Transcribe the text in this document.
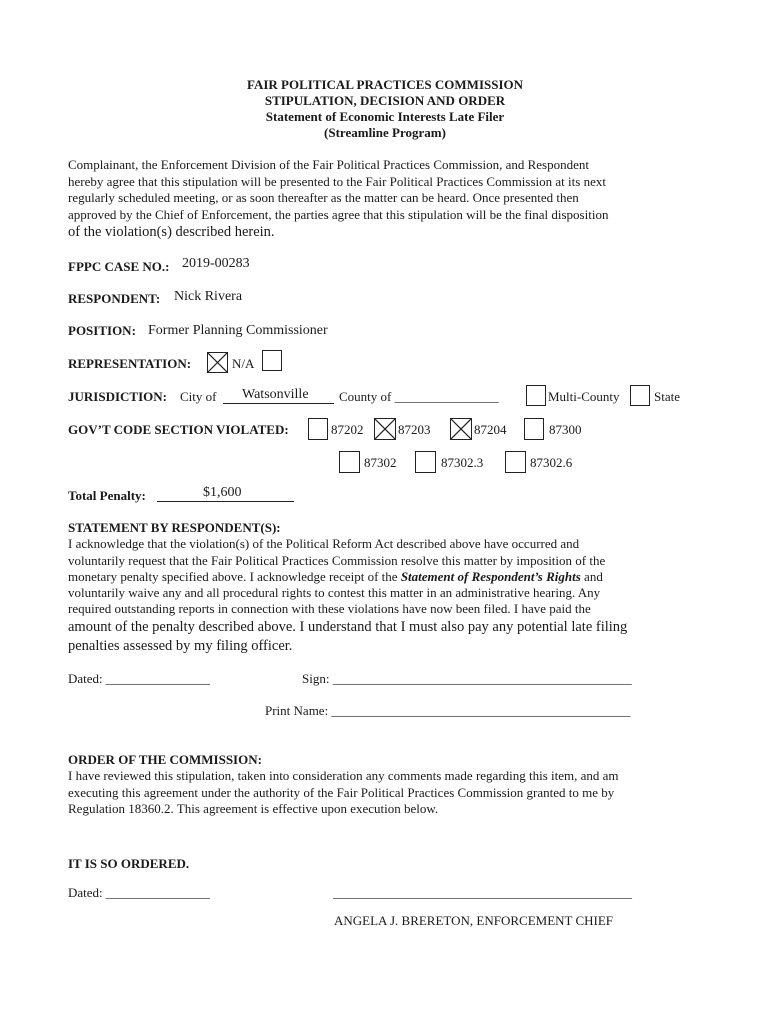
FAIR POLITICAL PRACTICES COMMISSION
STIPULATION, DECISION AND ORDER
Statement of Economic Interests Late Filer
(Streamline Program)
Complainant, the Enforcement Division of the Fair Political Practices Commission, and Respondent
hereby agree that this stipulation will be presented to the Fair Political Practices Commission at its next
regularly scheduled meeting, or as soon thereafter as the matter can be heard. Once presented then
approved by the Chief of Enforcement, the parties agree that this stipulation will be the final disposition
of the violation(s) described herein.
FPPC CASE NO.: 2019-00283
RESPONDENT: Nick Rivera
POSITION: Former Planning Commissioner
REPRESENTATION:	N/A
JURISDICTION: City of Watsonville County of ________________	Multi-County	State
GOV’T CODE SECTION VIOLATED:	87202	87203	87204	87300
87302	87302.3	87302.6
Total Penalty:	$1,600
STATEMENT BY RESPONDENT(S):
I acknowledge that the violation(s) of the Political Reform Act described above have occurred and
voluntarily request that the Fair Political Practices Commission resolve this matter by imposition of the
monetary penalty specified above. I acknowledge receipt of the Statement of Respondent’s Rights and
voluntarily waive any and all procedural rights to contest this matter in an administrative hearing. Any
required outstanding reports in connection with these violations have now been filed. I have paid the
amount of the penalty described above. I understand that I must also pay any potential late filing
penalties assessed by my filing officer.
Dated: ________________	Sign: ______________________________________________
Print Name: ______________________________________________
ORDER OF THE COMMISSION:
I have reviewed this stipulation, taken into consideration any comments made regarding this item, and am
executing this agreement under the authority of the Fair Political Practices Commission granted to me by
Regulation 18360.2. This agreement is effective upon execution below.
IT IS SO ORDERED.
Dated: ________________	______________________________________________
ANGELA J. BRERETON, ENFORCEMENT CHIEF
